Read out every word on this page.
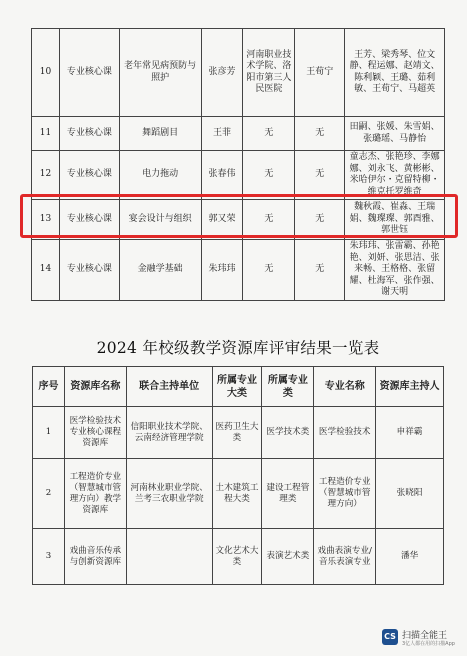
10	专业核心课	老年常见病预防与照护	张彦芳	河南职业技术学院、洛阳市第三人民医院	王荀宁	王芳、梁秀琴、位文静、程运娜、赵靖文、陈利颖、王璐、茹利敏、王荀宁、马超英
11	专业核心课	舞蹈剧目	王菲	无	无	田嗣、张媛、朱雪娟、张璐瑶、马静怡
12	专业核心课	电力拖动	张春伟	无	无	童志杰、张艳珍、李娜娜、刘永飞、黄彬彬、米哈伊尔・克留特柳・维克托罗维奇
13	专业核心课	宴会设计与组织	郭又荣	无	无	魏秋霞、崔淼、王瑞娟、魏璨璨、郭酉雅、郭世钰
14	专业核心课	金融学基础	朱玮玮	无	无	朱玮玮、张雷霸、孙艳艳、刘妍、张思洁、张来畅、王格格、张留耀、杜海军、张作强、谢天明
2024 年校级教学资源库评审结果一览表
序号	资源库名称	联合主持单位	所属专业大类	所属专业类	专业名称	资源库主持人
1	医学检验技术专业核心课程资源库	信阳职业技术学院、云南经济管理学院	医药卫生大类	医学技术类	医学检验技术	申祥霸
2	工程造价专业（智慧城市管理方向）教学资源库	河南林业职业学院、兰考三农职业学院	土木建筑工程大类	建设工程管理类	工程造价专业（智慧城市管理方向）	张晓阳
3	戏曲音乐传承与创新资源库		文化艺术大类	表演艺术类	戏曲表演专业/音乐表演专业	潘华
CS 扫描全能王
3亿人都在用的扫描App
